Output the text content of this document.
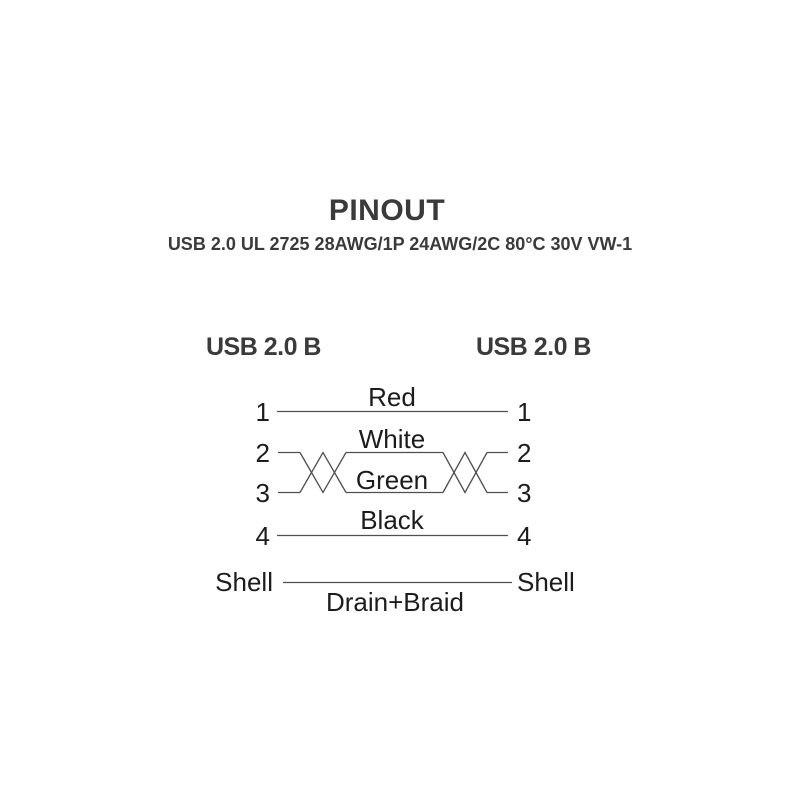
PINOUT
USB 2.0 UL 2725 28AWG/1P 24AWG/2C 80°C 30V VW-1
USB 2.0 B	USB 2.0 B
1
2
3
4
Shell
1
2
3
4
Shell
Red
White
Green
Black
Drain+Braid
